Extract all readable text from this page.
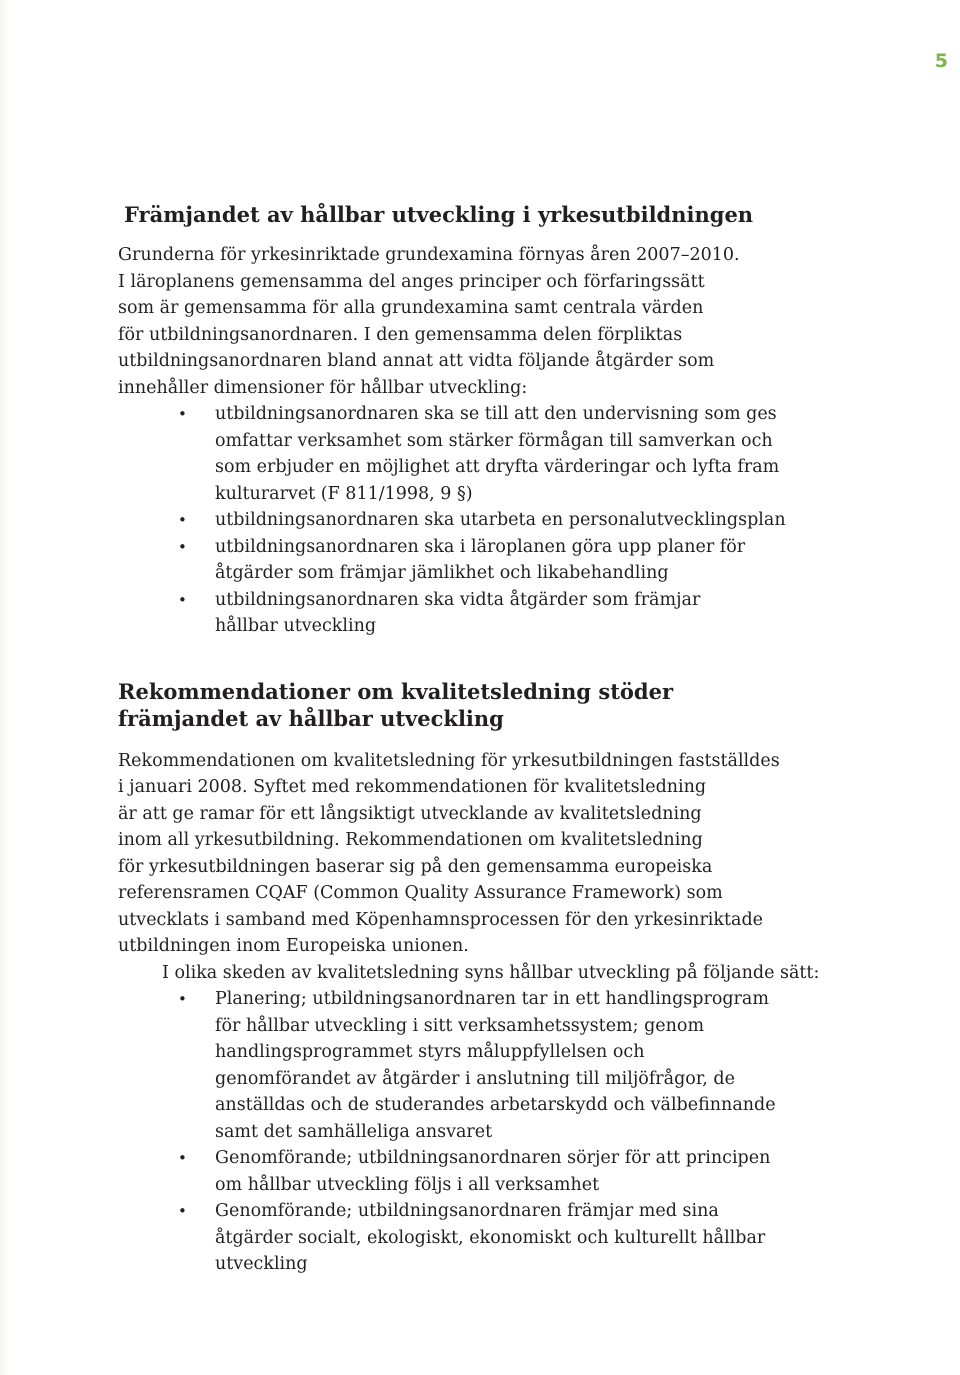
5
Främjandet av hållbar utveckling i yrkesutbildningen

Grunderna för yrkesinriktade grundexamina förnyas åren 2007–2010.
I läroplanens gemensamma del anges principer och förfaringssätt
som är gemensamma för alla grundexamina samt centrala värden
för utbildningsanordnaren. I den gemensamma delen förpliktas
utbildningsanordnaren bland annat att vidta följande åtgärder som
innehåller dimensioner för hållbar utveckling:

• utbildningsanordnaren ska se till att den undervisning som ges
omfattar verksamhet som stärker förmågan till samverkan och
som erbjuder en möjlighet att dryfta värderingar och lyfta fram
kulturarvet (F 811/1998, 9 §)
• utbildningsanordnaren ska utarbeta en personalutvecklingsplan
• utbildningsanordnaren ska i läroplanen göra upp planer för
åtgärder som främjar jämlikhet och likabehandling
• utbildningsanordnaren ska vidta åtgärder som främjar
hållbar utveckling
Rekommendationer om kvalitetsledning stöder
främjandet av hållbar utveckling

Rekommendationen om kvalitetsledning för yrkesutbildningen fastställdes
i januari 2008. Syftet med rekommendationen för kvalitetsledning
är att ge ramar för ett långsiktigt utvecklande av kvalitetsledning
inom all yrkesutbildning. Rekommendationen om kvalitetsledning
för yrkesutbildningen baserar sig på den gemensamma europeiska
referensramen CQAF (Common Quality Assurance Framework) som
utvecklats i samband med Köpenhamnsprocessen för den yrkesinriktade
utbildningen inom Europeiska unionen.

I olika skeden av kvalitetsledning syns hållbar utveckling på följande sätt:

• Planering; utbildningsanordnaren tar in ett handlingsprogram
för hållbar utveckling i sitt verksamhetssystem; genom
handlingsprogrammet styrs måluppfyllelsen och
genomförandet av åtgärder i anslutning till miljöfrågor, de
anställdas och de studerandes arbetarskydd och välbefinnande
samt det samhälleliga ansvaret
• Genomförande; utbildningsanordnaren sörjer för att principen
om hållbar utveckling följs i all verksamhet
• Genomförande; utbildningsanordnaren främjar med sina
åtgärder socialt, ekologiskt, ekonomiskt och kulturellt hållbar
utveckling
